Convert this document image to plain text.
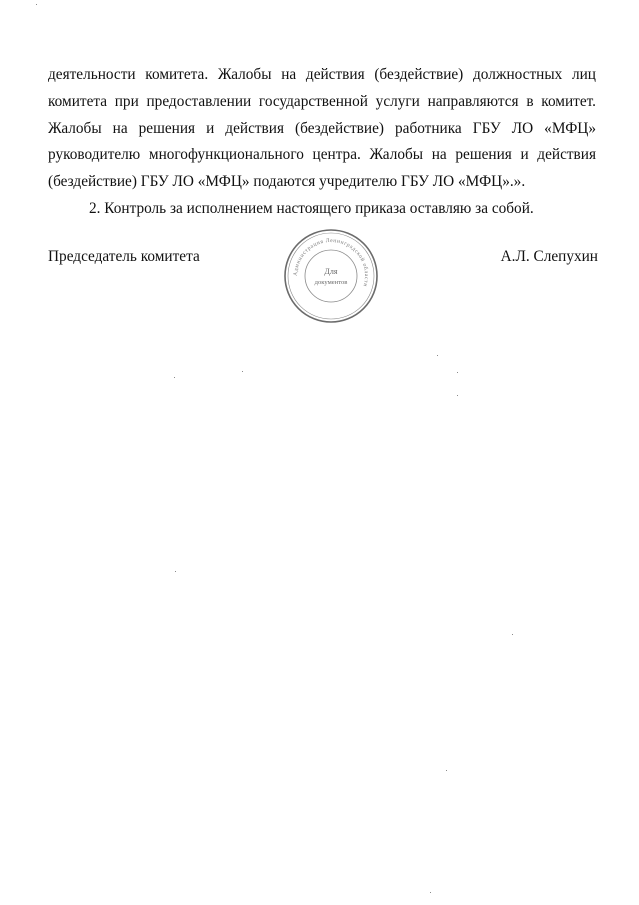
деятельности комитета. Жалобы на действия (бездействие) должностных лиц
комитета при предоставлении государственной услуги направляются в комитет.
Жалобы на решения и действия (бездействие) работника ГБУ ЛО «МФЦ»
руководителю многофункционального центра. Жалобы на решения и действия
(бездействие) ГБУ ЛО «МФЦ» подаются учредителю ГБУ ЛО «МФЦ».».
2. Контроль за исполнением настоящего приказа оставляю за собой.
Председатель комитета	А.Л. Слепухин
Администрация Ленинградской области
Для
документов
